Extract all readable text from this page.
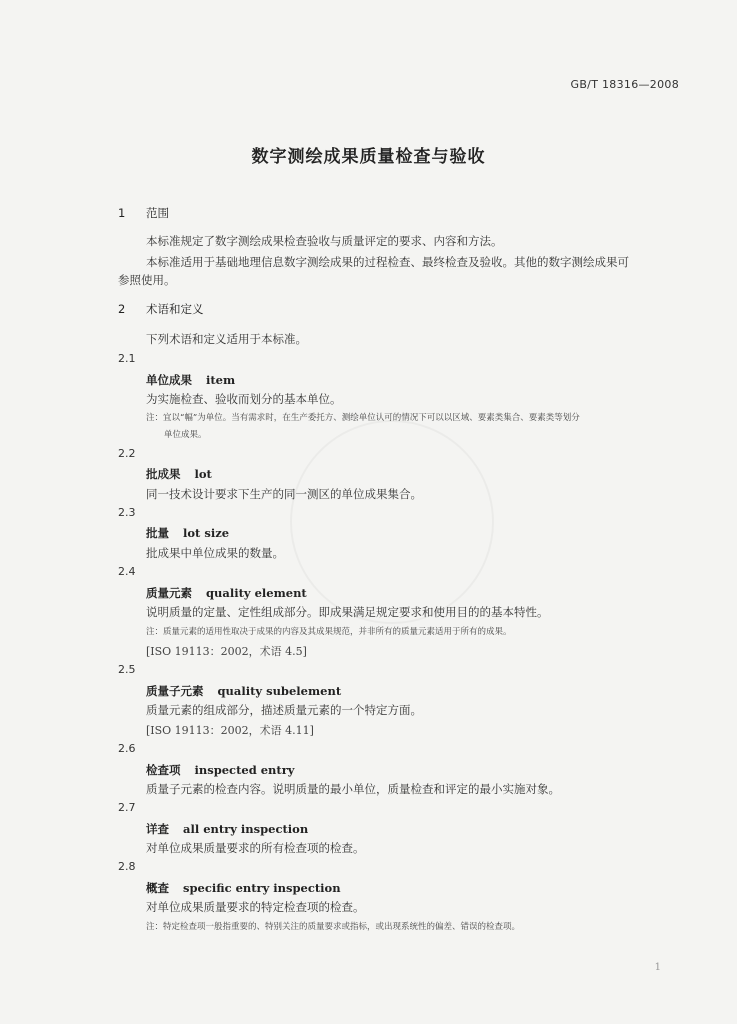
GB/T 18316—2008
数字测绘成果质量检查与验收
1 范围
本标准规定了数字测绘成果检查验收与质量评定的要求、内容和方法。
本标准适用于基础地理信息数字测绘成果的过程检查、最终检查及验收。其他的数字测绘成果可
参照使用。
2 术语和定义
下列术语和定义适用于本标准。
2.1
单位成果 item
为实施检查、验收而划分的基本单位。
注：宜以“幅”为单位。当有需求时，在生产委托方、测绘单位认可的情况下可以以区域、要素类集合、要素类等划分
单位成果。
2.2
批成果 lot
同一技术设计要求下生产的同一测区的单位成果集合。
2.3
批量 lot size
批成果中单位成果的数量。
2.4
质量元素 quality element
说明质量的定量、定性组成部分。即成果满足规定要求和使用目的的基本特性。
注：质量元素的适用性取决于成果的内容及其成果规范，并非所有的质量元素适用于所有的成果。
[ISO 19113：2002，术语 4.5]
2.5
质量子元素 quality subelement
质量元素的组成部分，描述质量元素的一个特定方面。
[ISO 19113：2002，术语 4.11]
2.6
检查项 inspected entry
质量子元素的检查内容。说明质量的最小单位，质量检查和评定的最小实施对象。
2.7
详查 all entry inspection
对单位成果质量要求的所有检查项的检查。
2.8
概查 specific entry inspection
对单位成果质量要求的特定检查项的检查。
注：特定检查项一般指重要的、特别关注的质量要求或指标，或出现系统性的偏差、错误的检查项。
1
